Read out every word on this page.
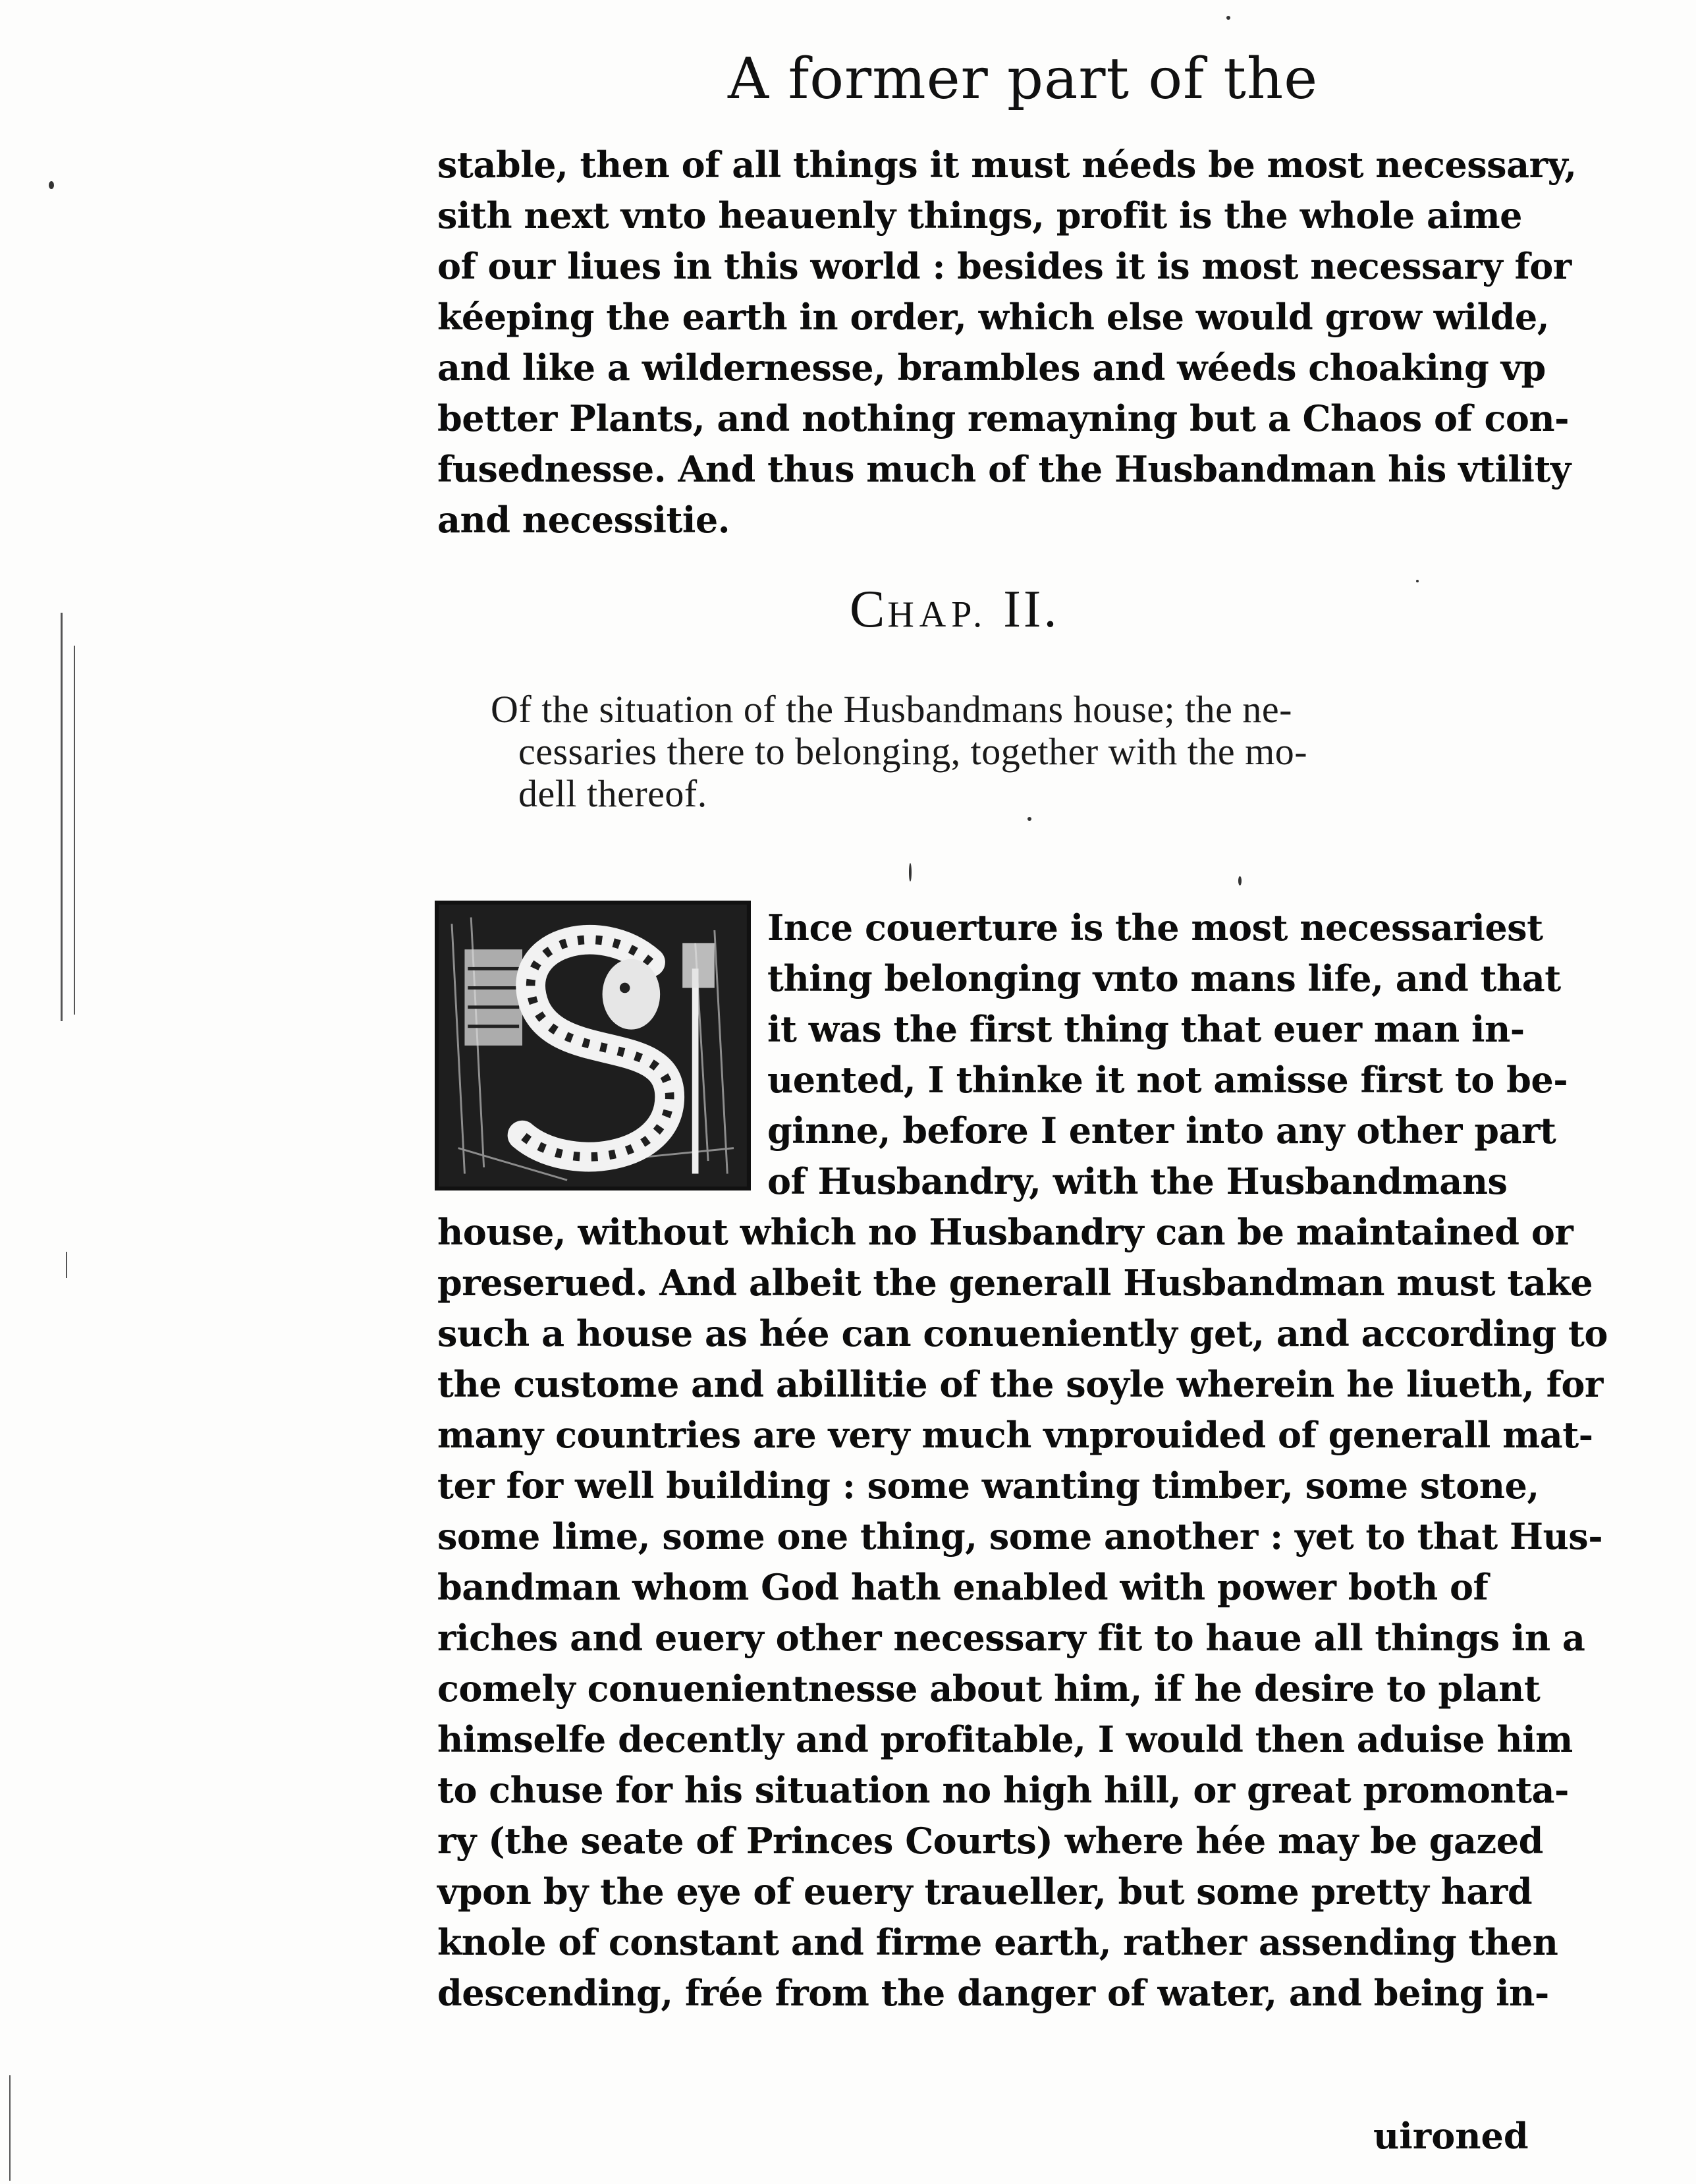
A former part of the
stable, then of all things it must néeds be most necessary,
sith next vnto heauenly things, profit is the whole aime
of our liues in this world : besides it is most necessary for
kéeping the earth in order, which else would grow wilde,
and like a wildernesse, brambles and wéeds choaking vp
better Plants, and nothing remayning but a Chaos of con-
fusednesse. And thus much of the Husbandman his vtility
and necessitie.
CHAP. II.
Of the situation of the Husbandmans house; the ne-
cessaries there to belonging, together with the mo-
dell thereof.
Ince couerture is the most necessariest
thing belonging vnto mans life, and that
it was the first thing that euer man in-
uented, I thinke it not amisse first to be-
ginne, before I enter into any other part
of Husbandry, with the Husbandmans
house, without which no Husbandry can be maintained or
preserued. And albeit the generall Husbandman must take
such a house as hée can conueniently get, and according to
the custome and abillitie of the soyle wherein he liueth, for
many countries are very much vnprouided of generall mat-
ter for well building : some wanting timber, some stone,
some lime, some one thing, some another : yet to that Hus-
bandman whom God hath enabled with power both of
riches and euery other necessary fit to haue all things in a
comely conuenientnesse about him, if he desire to plant
himselfe decently and profitable, I would then aduise him
to chuse for his situation no high hill, or great promonta-
ry (the seate of Princes Courts) where hée may be gazed
vpon by the eye of euery traueller, but some pretty hard
knole of constant and firme earth, rather assending then
descending, frée from the danger of water, and being in-
uironed
